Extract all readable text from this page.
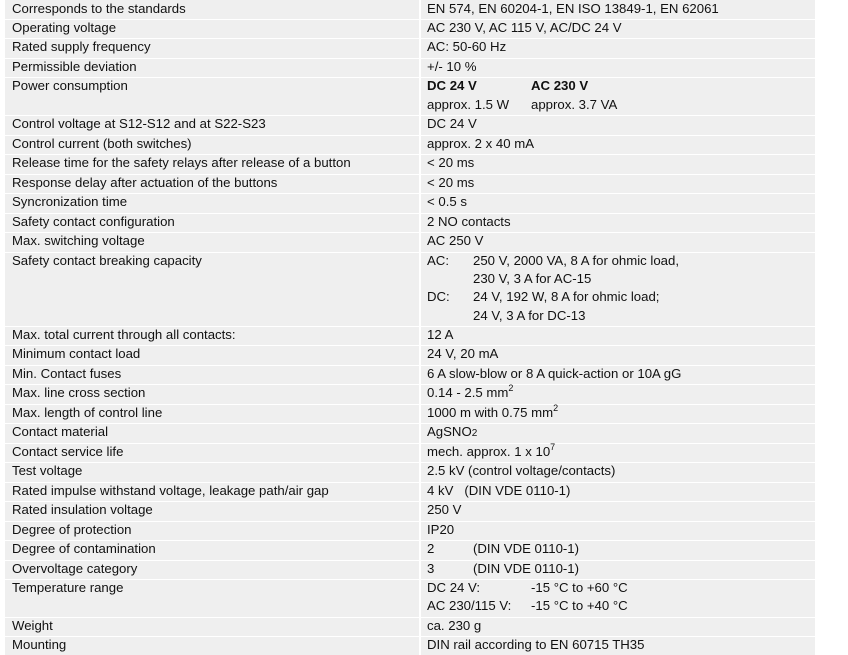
Corresponds to the standards	EN 574, EN 60204-1, EN ISO 13849-1, EN 62061
Operating voltage	AC 230 V, AC 115 V, AC/DC 24 V
Rated supply frequency	AC: 50-60 Hz
Permissible deviation	+/- 10 %
Power consumption	DC 24 V	AC 230 V
approx. 1.5 W approx. 3.7 VA
Control voltage at S12-S12 and at S22-S23	DC 24 V
Control current (both switches)	approx. 2 x 40 mA
Release time for the safety relays after release of a button	< 20 ms
Response delay after actuation of the buttons	< 20 ms
Syncronization time	< 0.5 s
Safety contact configuration	2 NO contacts
Max. switching voltage	AC 250 V
Safety contact breaking capacity	AC: 250 V, 2000 VA, 8 A for ohmic load,
230 V, 3 A for AC-15
DC: 24 V, 192 W, 8 A for ohmic load;
24 V, 3 A for DC-13
Max. total current through all contacts:	12 A
Minimum contact load	24 V, 20 mA
Min. Contact fuses	6 A slow-blow or 8 A quick-action or 10A gG
Max. line cross section	0.14 - 2.5 $mm^2$
Max. length of control line	1000 m with 0.75 $mm^2$
Contact material	AgSNO2
Contact service life	mech. approx. 1 x $10^7$
Test voltage	2.5 kV (control voltage/contacts)
Rated impulse withstand voltage, leakage path/air gap	4 kV   (DIN VDE 0110-1)
Rated insulation voltage	250 V
Degree of protection	IP20
Degree of contamination	2	(DIN VDE 0110-1)
Overvoltage category	3	(DIN VDE 0110-1)
Temperature range	DC 24 V:	-15 °C to +60 °C
AC 230/115 V: -15 °C to +40 °C
Weight	ca. 230 g
Mounting	DIN rail according to EN 60715 TH35
